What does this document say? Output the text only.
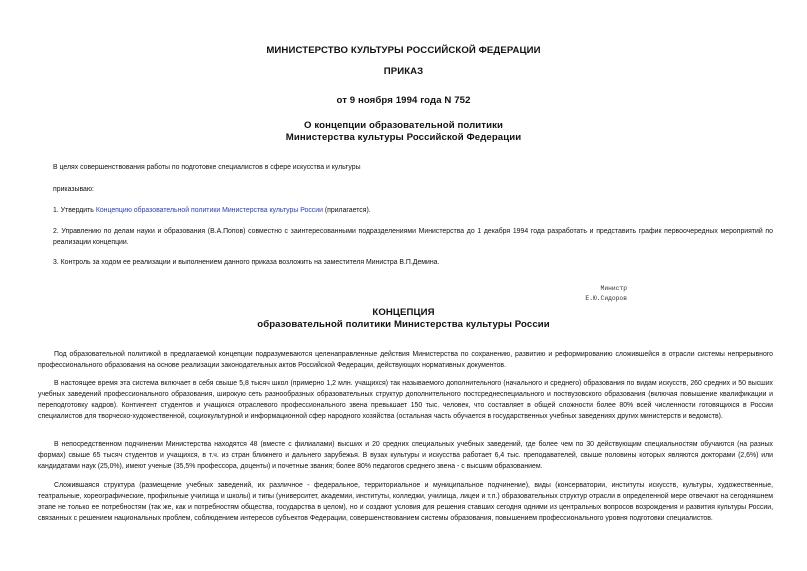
МИНИСТЕРСТВО КУЛЬТУРЫ РОССИЙСКОЙ ФЕДЕРАЦИИ
ПРИКАЗ
от 9 ноября 1994 года N 752
О концепции образовательной политики
Министерства культуры Российской Федерации
В целях совершенствования работы по подготовке специалистов в сфере искусства и культуры
приказываю:
1. Утвердить Концепцию образовательной политики Министерства культуры России (прилагается).
2. Управлению по делам науки и образования (В.А.Попов) совместно с заинтересованными подразделениями Министерства до 1 декабря 1994 года разработать и представить график первоочередных мероприятий по реализации концепции.
3. Контроль за ходом ее реализации и выполнением данного приказа возложить на заместителя Министра В.П.Демина.
Министр
Е.Ю.Сидоров
КОНЦЕПЦИЯ
образовательной политики Министерства культуры России
Под образовательной политикой в предлагаемой концепции подразумеваются целенаправленные действия Министерства по сохранению, развитию и реформированию сложившейся в отрасли системы непрерывного профессионального образования на основе реализации законодательных актов Российской Федерации, действующих нормативных документов.
В настоящее время эта система включает в себя свыше 5,8 тысяч школ (примерно 1,2 млн. учащихся) так называемого дополнительного (начального и среднего) образования по видам искусств, 260 средних и 50 высших учебных заведений профессионального образования, широкую сеть разнообразных образовательных структур дополнительного постсреднеспециального и поствузовского образования (включая повышение квалификации и переподготовку кадров). Контингент студентов и учащихся отраслевого профессионального звена превышает 150 тыс. человек, что составляет в общей сложности более 80% всей численности готовящихся в России специалистов для творческо-художественной, социокультурной и информационной сфер народного хозяйства (остальная часть обучается в государственных учебных заведениях других министерств и ведомств).
В непосредственном подчинении Министерства находятся 48 (вместе с филиалами) высших и 20 средних специальных учебных заведений, где более чем по 30 действующим специальностям обучаются (на разных формах) свыше 65 тысяч студентов и учащихся, в т.ч. из стран ближнего и дальнего зарубежья. В вузах культуры и искусства работает 6,4 тыс. преподавателей, свыше половины которых являются докторами (2,6%) или кандидатами наук (25,0%), имеют ученые (35,5% профессора, доценты) и почетные звания; более 80% педагогов среднего звена - с высшим образованием.
Сложившаяся структура (размещение учебных заведений, их различное - федеральное, территориальное и муниципальное подчинение), виды (консерватории, институты искусств, культуры, художественные, театральные, хореографические, профильные училища и школы) и типы (университет, академии, институты, колледжи, училища, лицеи и т.п.) образовательных структур отрасли в определенной мере отвечают на сегодняшнем этапе не только ее потребностям (так же, как и потребностям общества, государства в целом), но и создают условия для решения ставших сегодня одними из центральных вопросов возрождения и развития культуры России, связанных с решением национальных проблем, соблюдением интересов субъектов Федерации, совершенствованием системы образования, повышением профессионального уровня подготовки специалистов.
